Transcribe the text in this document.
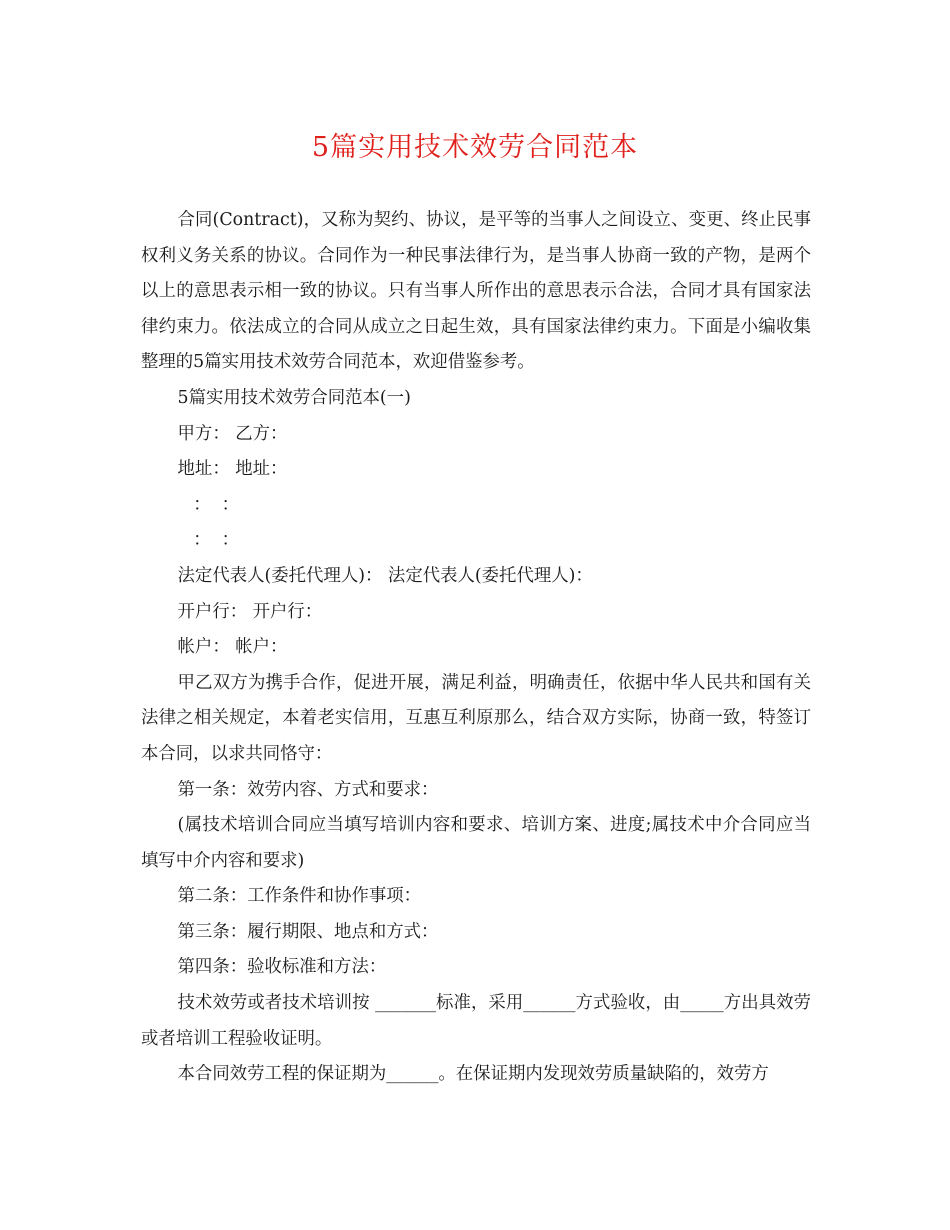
5篇实用技术效劳合同范本

合同(Contract)，又称为契约、协议，是平等的当事人之间设立、变更、终止民事权利义务关系的协议。合同作为一种民事法律行为，是当事人协商一致的产物，是两个以上的意思表示相一致的协议。只有当事人所作出的意思表示合法，合同才具有国家法律约束力。依法成立的合同从成立之日起生效，具有国家法律约束力。下面是小编收集整理的5篇实用技术效劳合同范本，欢迎借鉴参考。

5篇实用技术效劳合同范本(一)

甲方： 乙方：

地址： 地址：

：  ：

：  ：

法定代表人(委托代理人)： 法定代表人(委托代理人)：

开户行： 开户行：

帐户： 帐户：

甲乙双方为携手合作，促进开展，满足利益，明确责任，依据中华人民共和国有关法律之相关规定，本着老实信用，互惠互利原那么，结合双方实际，协商一致，特签订本合同，以求共同恪守：

第一条：效劳内容、方式和要求：

(属技术培训合同应当填写培训内容和要求、培训方案、进度;属技术中介合同应当填写中介内容和要求)

第二条：工作条件和协作事项：

第三条：履行期限、地点和方式：

第四条：验收标准和方法：

技术效劳或者技术培训按 _______标准，采用______方式验收，由_____方出具效劳或者培训工程验收证明。

本合同效劳工程的保证期为______。在保证期内发现效劳质量缺陷的，效劳方
